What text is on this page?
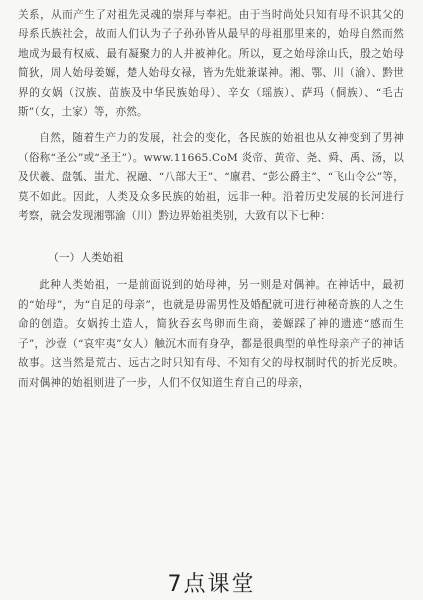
关系，从而产生了对祖先灵魂的崇拜与奉祀。由于当时尚处只知有母不识其父的母系氏族社会，故而人们认为子子孙孙皆从最早的母祖那里来的，始母自然而然地成为最有权威、最有凝聚力的人并被神化。所以，夏之始母涂山氏，殷之始母简狄，周人始母姜嫄，楚人始母女禄，皆为先妣兼谋神。湘、鄂、川（渝）、黔世界的女娲（汉族、苗族及中华民族始母）、辛女（瑶族）、萨玛（侗族）、“毛古斯”（女，土家）等，亦然。

自然，随着生产力的发展，社会的变化，各民族的始祖也从女神变到了男神（俗称“圣公”或“圣王”）。www.11665.CoM 炎帝、黄帝、尧、舜、禹、汤，以及伏羲、盘瓠、蚩尤、祝融、“八部大王”、“廪君、“彭公爵主”、“飞山令公”等，莫不如此。因此，人类及众多民族的始祖，远非一种。沿着历史发展的长河进行考察，就会发现湘鄂渝（川）黔边界始祖类别，大致有以下七种：

（一）人类始祖

此种人类始祖，一是前面说到的始母神，另一则是对偶神。在神话中，最初的“始母”，为“自足的母亲”，也就是毋需男性及婚配就可进行神秘奇族的人之生命的创造。女娲抟土造人，简狄吞玄鸟卵而生商，姜嫄踩了神的遗迹“感而生子”，沙壹（“哀牢夷”女人）触沉木而有身孕，都是很典型的单性母亲产子的神话故事。这当然是荒古、远古之时只知有母、不知有父的母权制时代的折光反映。而对偶神的始祖则进了一步，人们不仅知道生育自己的母亲，

7点课堂
